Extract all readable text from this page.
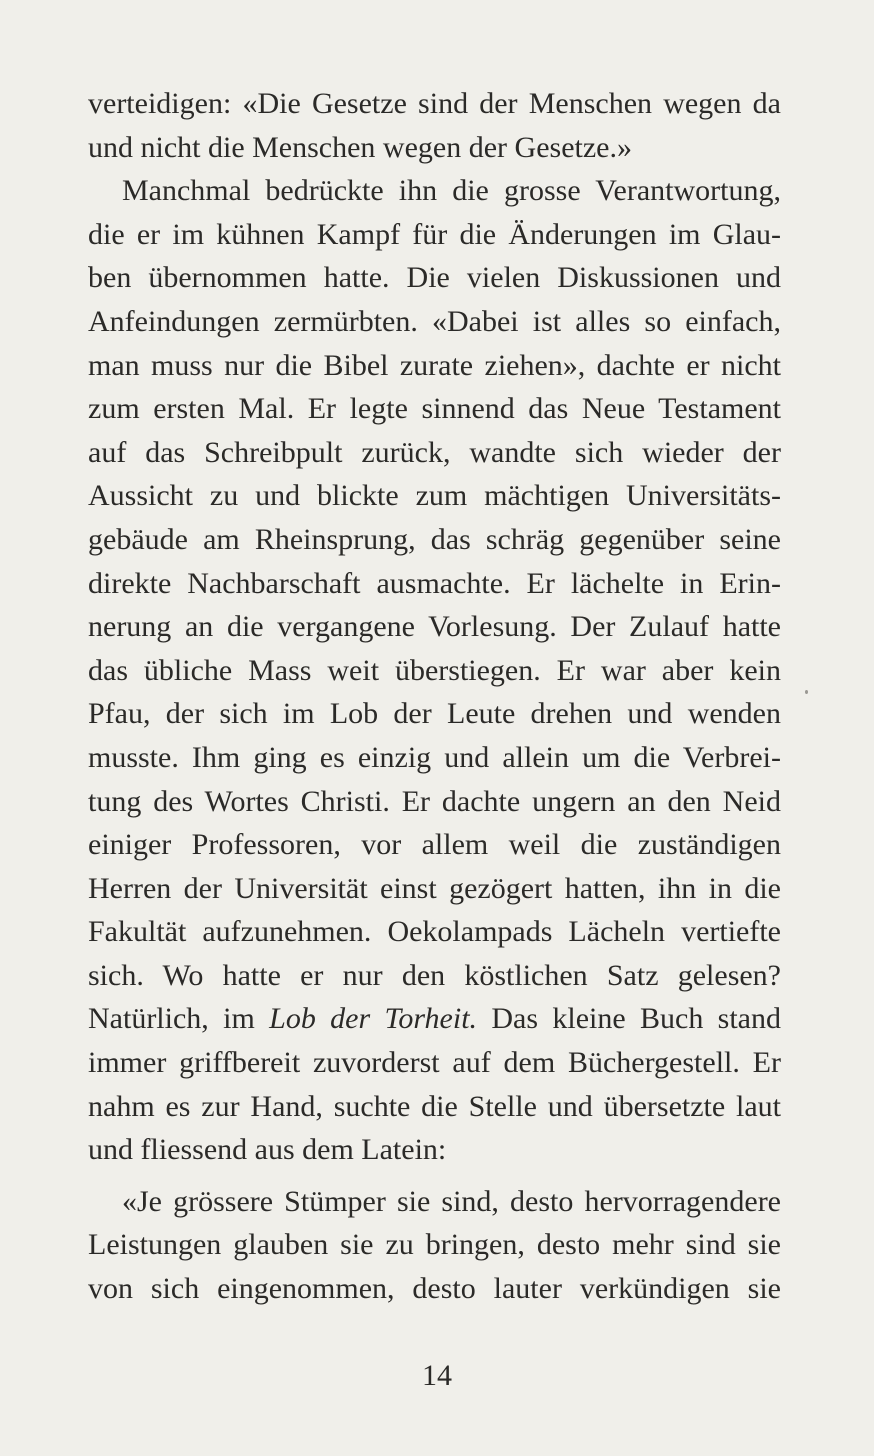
verteidigen: «Die Gesetze sind der Menschen wegen da
und nicht die Menschen wegen der Gesetze.»
Manchmal bedrückte ihn die grosse Verantwortung,
die er im kühnen Kampf für die Änderungen im Glau-
ben übernommen hatte. Die vielen Diskussionen und
Anfeindungen zermürbten. «Dabei ist alles so einfach,
man muss nur die Bibel zurate ziehen», dachte er nicht
zum ersten Mal. Er legte sinnend das Neue Testament
auf das Schreibpult zurück, wandte sich wieder der
Aussicht zu und blickte zum mächtigen Universitäts-
gebäude am Rheinsprung, das schräg gegenüber seine
direkte Nachbarschaft ausmachte. Er lächelte in Erin-
nerung an die vergangene Vorlesung. Der Zulauf hatte
das übliche Mass weit überstiegen. Er war aber kein
Pfau, der sich im Lob der Leute drehen und wenden
musste. Ihm ging es einzig und allein um die Verbrei-
tung des Wortes Christi. Er dachte ungern an den Neid
einiger Professoren, vor allem weil die zuständigen
Herren der Universität einst gezögert hatten, ihn in die
Fakultät aufzunehmen. Oekolampads Lächeln vertiefte
sich. Wo hatte er nur den köstlichen Satz gelesen?
Natürlich, im Lob der Torheit. Das kleine Buch stand
immer griffbereit zuvorderst auf dem Büchergestell. Er
nahm es zur Hand, suchte die Stelle und übersetzte laut
und fliessend aus dem Latein:
«Je grössere Stümper sie sind, desto hervorragendere
Leistungen glauben sie zu bringen, desto mehr sind sie
von sich eingenommen, desto lauter verkündigen sie
14
